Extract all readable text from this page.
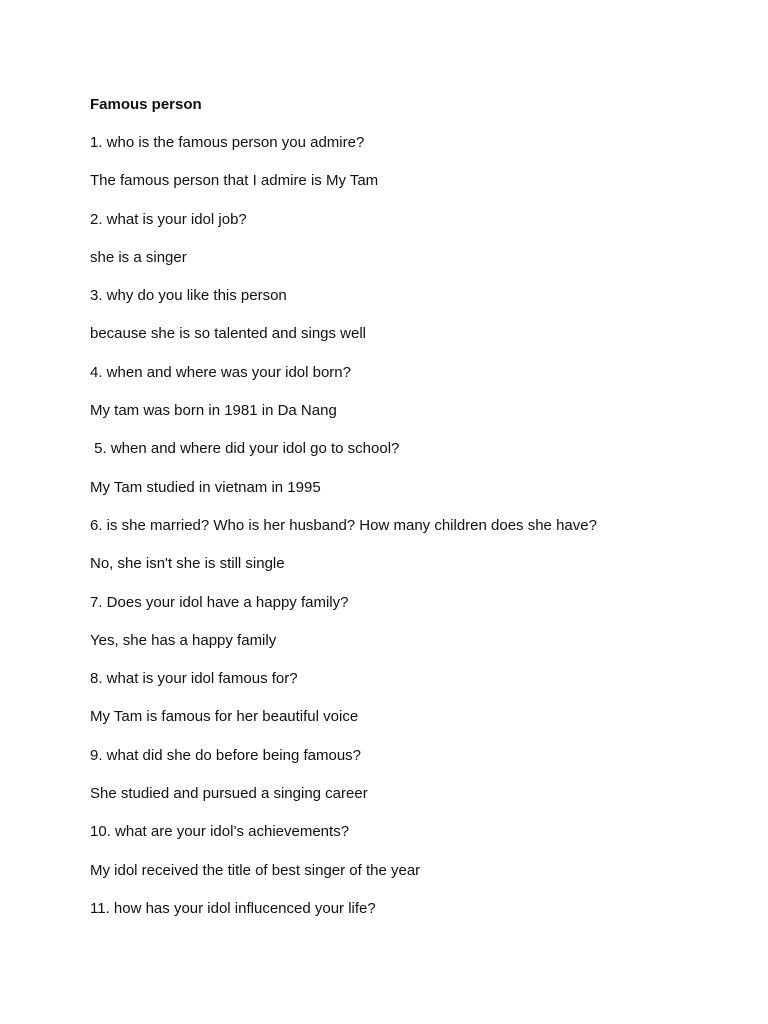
Famous person
1. who is the famous person you admire?
The famous person that I admire is My Tam
2. what is your idol job?
she is a singer
3. why do you like this person
because she is so talented and sings well
4. when and where was your idol born?
My tam was born in 1981 in Da Nang
5. when and where did your idol go to school?
My Tam studied in vietnam in 1995
6. is she married? Who is her husband? How many children does she have?
No, she isn't she is still single
7. Does your idol have a happy family?
Yes, she has a happy family
8. what is your idol famous for?
My Tam is famous for her beautiful voice
9. what did she do before being famous?
She studied and pursued a singing career
10. what are your idol’s achievements?
My idol received the title of best singer of the year
11. how has your idol influcenced your life?
